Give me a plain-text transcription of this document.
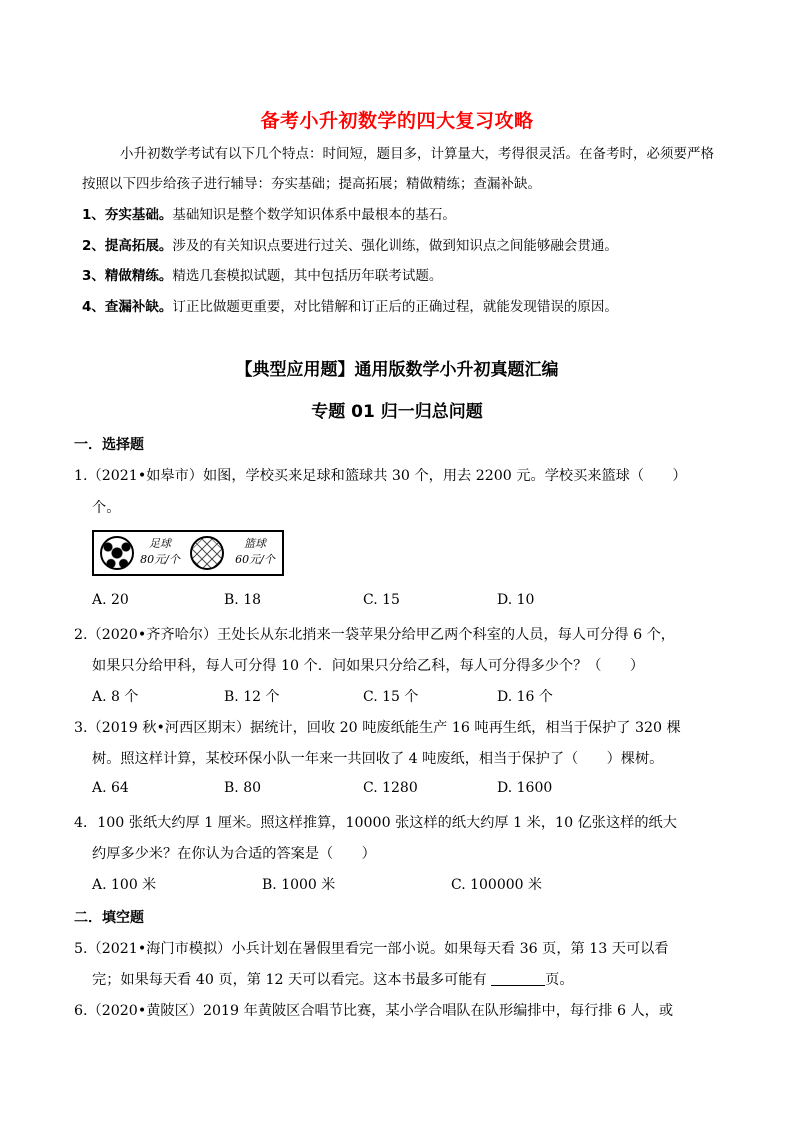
备考小升初数学的四大复习攻略
小升初数学考试有以下几个特点：时间短，题目多，计算量大，考得很灵活。在备考时，必须要严格
按照以下四步给孩子进行辅导：夯实基础；提高拓展；精做精练；查漏补缺。
1、夯实基础。基础知识是整个数学知识体系中最根本的基石。
2、提高拓展。涉及的有关知识点要进行过关、强化训练，做到知识点之间能够融会贯通。
3、精做精练。精选几套模拟试题，其中包括历年联考试题。
4、查漏补缺。订正比做题更重要，对比错解和订正后的正确过程，就能发现错误的原因。
【典型应用题】通用版数学小升初真题汇编
专题 01 归一归总问题
一．选择题
1.（2021•如皋市）如图，学校买来足球和篮球共 30 个，用去 2200 元。学校买来篮球（　　）
个。
足球
80元/个
篮球
60元/个
A. 20	B. 18	C. 15	D. 10
2.（2020•齐齐哈尔）王处长从东北捎来一袋苹果分给甲乙两个科室的人员，每人可分得 6 个，
如果只分给甲科，每人可分得 10 个．问如果只分给乙科，每人可分得多少个？（　　）
A. 8 个	B. 12 个	C. 15 个	D. 16 个
3.（2019 秋•河西区期末）据统计，回收 20 吨废纸能生产 16 吨再生纸，相当于保护了 320 棵
树。照这样计算，某校环保小队一年来一共回收了 4 吨废纸，相当于保护了（　　）棵树。
A. 64	B. 80	C. 1280	D. 1600
4．100 张纸大约厚 1 厘米。照这样推算，10000 张这样的纸大约厚 1 米，10 亿张这样的纸大
约厚多少米？在你认为合适的答案是（　　）
A. 100 米	B. 1000 米	C. 100000 米
二．填空题
5.（2021•海门市模拟）小兵计划在暑假里看完一部小说。如果每天看 36 页，第 13 天可以看
完；如果每天看 40 页，第 12 天可以看完。这本书最多可能有	页。
6.（2020•黄陂区）2019 年黄陂区合唱节比赛，某小学合唱队在队形编排中，每行排 6 人，或
